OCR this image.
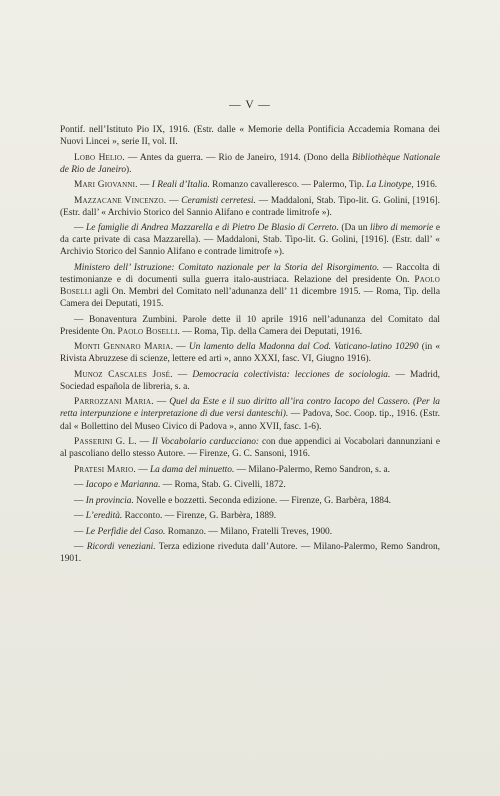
— V —

Pontif. nell’Istituto Pio IX, 1916. (Estr. dalle « Memorie della Pontificia Accademia Romana dei Nuovi Lincei », serie II, vol. II.

Lobo Helio. — Antes da guerra. — Rio de Janeiro, 1914. (Dono della Bibliothèque Nationale de Rio de Janeiro).

Mari Giovanni. — I Reali d’Italia. Romanzo cavalleresco. — Palermo, Tip. La Linotype, 1916.

Mazzacane Vincenzo. — Ceramisti cerretesi. — Maddaloni, Stab. Tipo-lit. G. Golini, [1916]. (Estr. dall’ « Archivio Storico del Sannio Alifano e contrade limitrofe »).

— Le famiglie di Andrea Mazzarella e di Pietro De Blasio di Cerreto. (Da un libro di memorie e da carte private di casa Mazzarella). — Maddaloni, Stab. Tipo-lit. G. Golini, [1916]. (Estr. dall’ « Archivio Storico del Sannio Alifano e contrade limitrofe »).

Ministero dell’ Istruzione: Comitato nazionale per la Storia del Risorgimento. — Raccolta di testimonianze e di documenti sulla guerra italo-austriaca. Relazione del presidente On. Paolo Boselli agli On. Membri del Comitato nell’adunanza dell’ 11 dicembre 1915. — Roma, Tip. della Camera dei Deputati, 1915.

— Bonaventura Zumbini. Parole dette il 10 aprile 1916 nell’adunanza del Comitato dal Presidente On. Paolo Boselli. — Roma, Tip. della Camera dei Deputati, 1916.

Monti Gennaro Maria. — Un lamento della Madonna dal Cod. Vaticano-latino 10290 (in « Rivista Abruzzese di scienze, lettere ed arti », anno XXXI, fasc. VI, Giugno 1916).

Munoz Cascales José. — Democracia colectivista: lecciones de sociologia. — Madrid, Sociedad española de libreria, s. a.

Parrozzani Maria. — Quel da Este e il suo diritto all’ira contro Iacopo del Cassero. (Per la retta interpunzione e interpretazione di due versi danteschi). — Padova, Soc. Coop. tip., 1916. (Estr. dal « Bollettino del Museo Civico di Padova », anno XVII, fasc. 1-6).

Passerini G. L. — Il Vocabolario carducciano: con due appendici ai Vocabolari dannunziani e al pascoliano dello stesso Autore. — Firenze, G. C. Sansoni, 1916.

Pratesi Mario. — La dama del minuetto. — Milano-Palermo, Remo Sandron, s. a.

— Iacopo e Marianna. — Roma, Stab. G. Civelli, 1872.

— In provincia. Novelle e bozzetti. Seconda edizione. — Firenze, G. Barbèra, 1884.

— L’eredità. Racconto. — Firenze, G. Barbèra, 1889.

— Le Perfidie del Caso. Romanzo. — Milano, Fratelli Treves, 1900.

— Ricordi veneziani. Terza edizione riveduta dall’Autore. — Milano-Palermo, Remo Sandron, 1901.
